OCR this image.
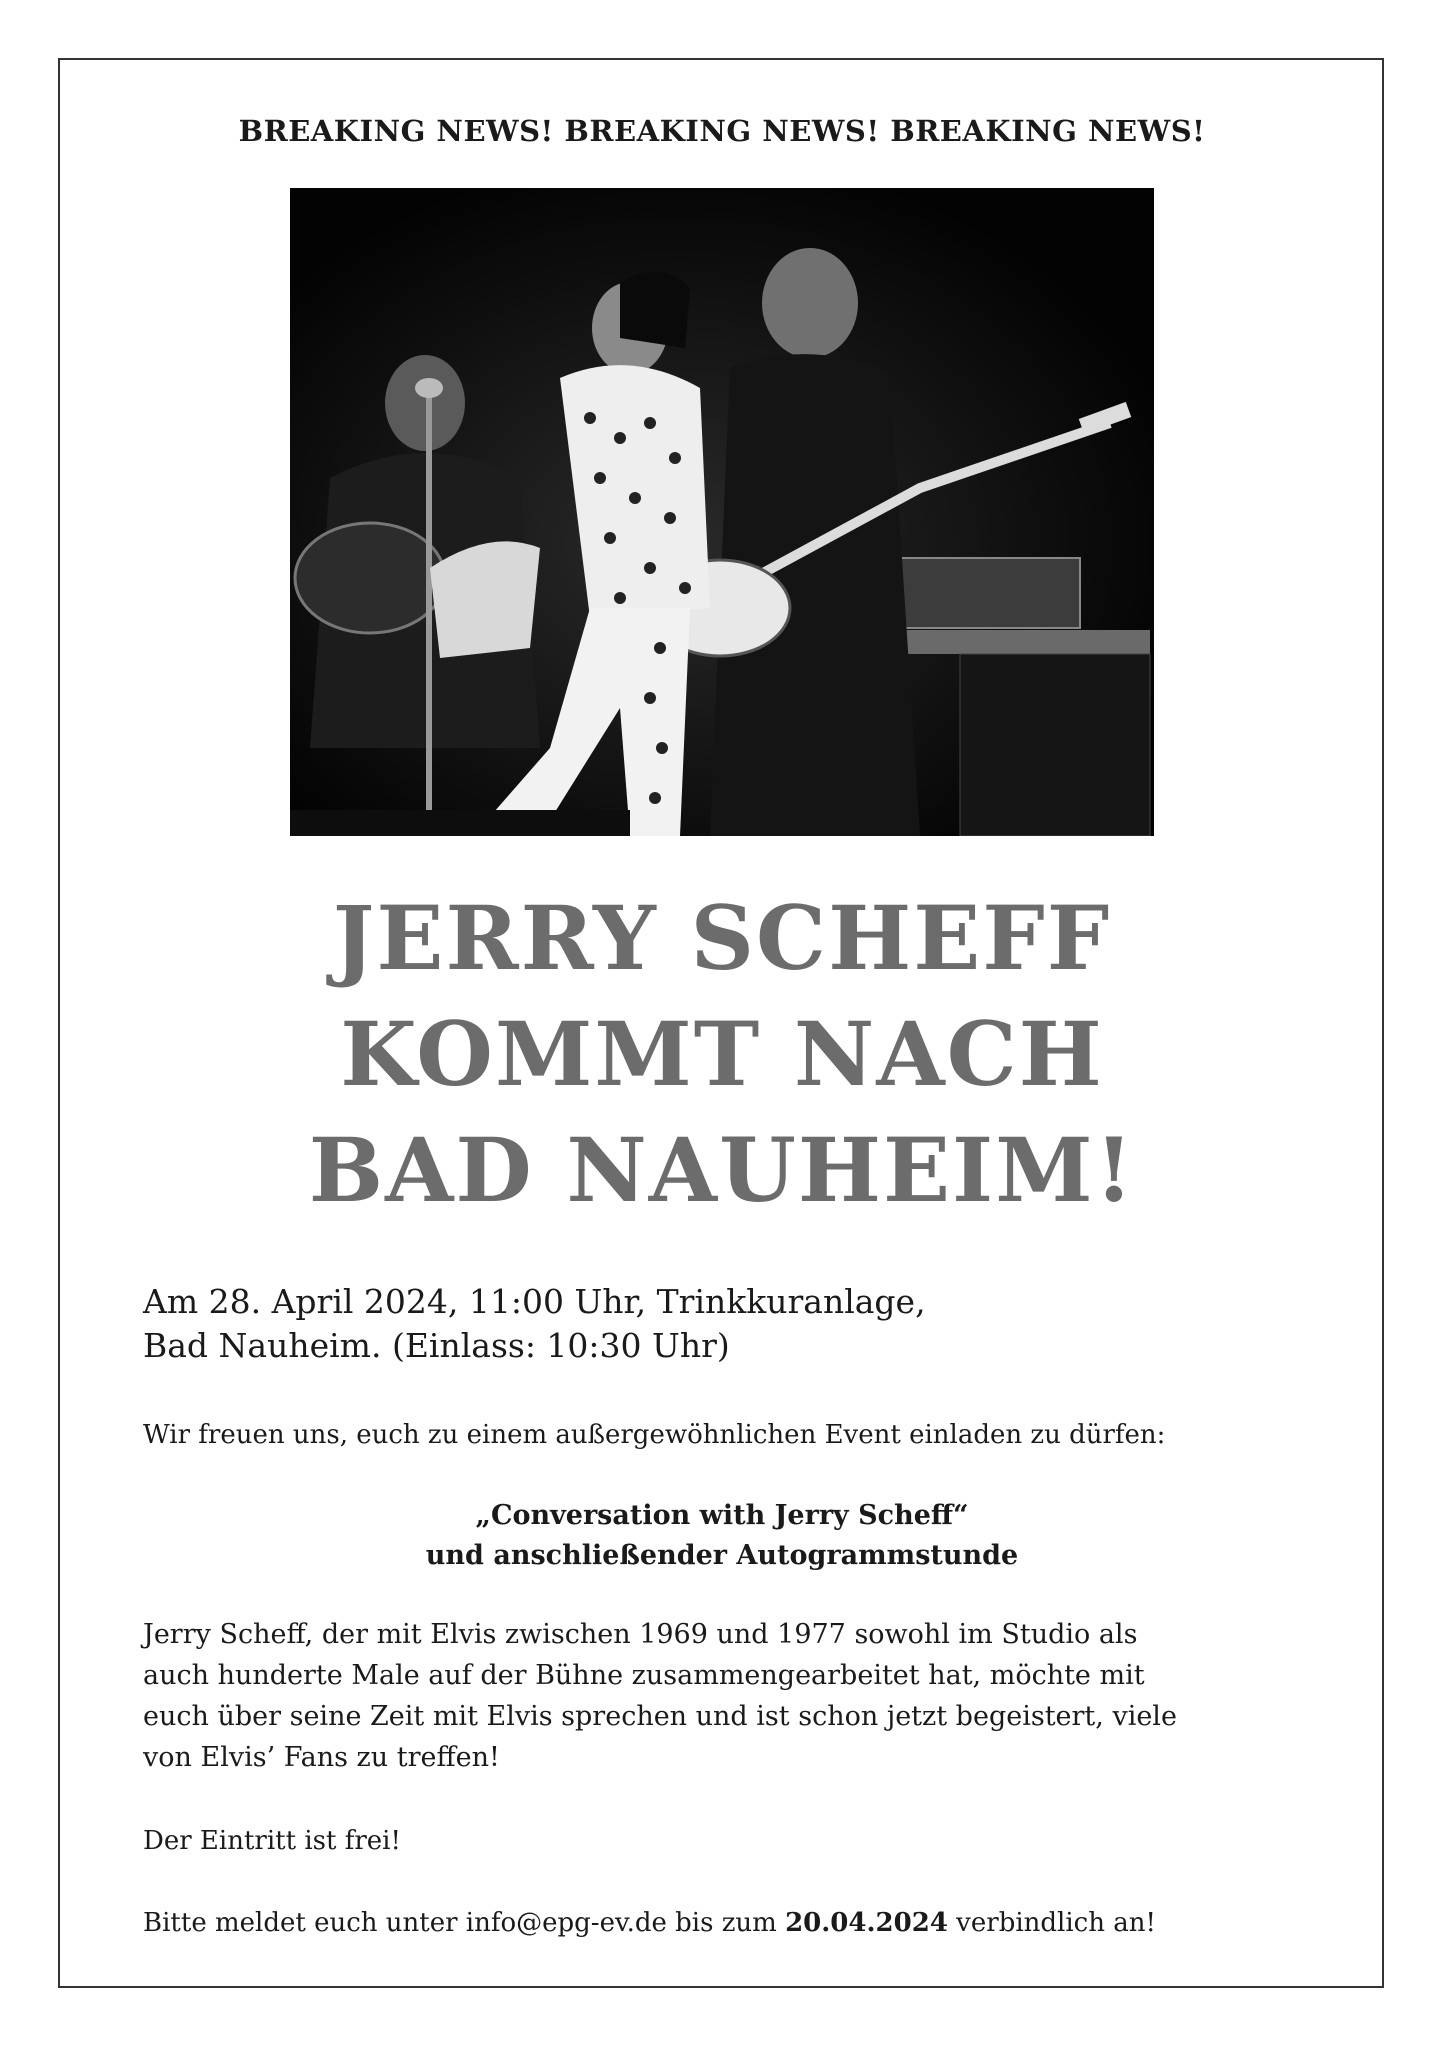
BREAKING NEWS! BREAKING NEWS! BREAKING NEWS!
JERRY SCHEFF
KOMMT NACH
BAD NAUHEIM!
Am 28. April 2024, 11:00 Uhr, Trinkkuranlage,
Bad Nauheim. (Einlass: 10:30 Uhr)
Wir freuen uns, euch zu einem außergewöhnlichen Event einladen zu dürfen:
„Conversation with Jerry Scheff“
und anschließender Autogrammstunde
Jerry Scheff, der mit Elvis zwischen 1969 und 1977 sowohl im Studio als
auch hunderte Male auf der Bühne zusammengearbeitet hat, möchte mit
euch über seine Zeit mit Elvis sprechen und ist schon jetzt begeistert, viele
von Elvis’ Fans zu treffen!
Der Eintritt ist frei!
Bitte meldet euch unter info@epg-ev.de bis zum 20.04.2024 verbindlich an!
